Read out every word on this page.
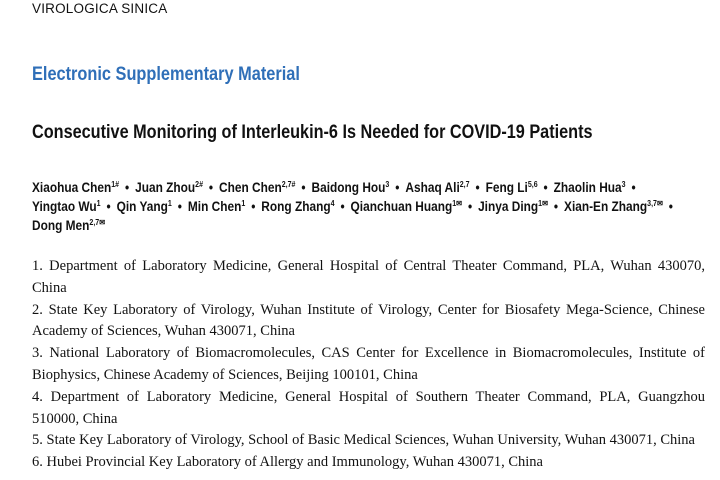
VIROLOGICA SINICA
Electronic Supplementary Material
Consecutive Monitoring of Interleukin-6 Is Needed for COVID-19 Patients
Xiaohua Chen$^{1\#}$ • Juan Zhou$^{2\#}$ • Chen Chen$^{2,7\#}$ • Baidong Hou$^3$ • Ashaq Ali$^{2,7}$ • Feng Li$^{5,6}$ • Zhaolin Hua$^3$ •
Yingtao Wu$^1$ • Qin Yang$^1$ • Min Chen$^1$ • Rong Zhang$^4$ • Qianchuan Huang$^{1✉}$ • Jinya Ding$^{1✉}$ • Xian-En Zhang$^{3,7✉}$ •
Dong Men$^{2,7✉}$

1. Department of Laboratory Medicine, General Hospital of Central Theater Command, PLA, Wuhan 430070, China

2. State Key Laboratory of Virology, Wuhan Institute of Virology, Center for Biosafety Mega-Science, Chinese Academy of Sciences, Wuhan 430071, China

3. National Laboratory of Biomacromolecules, CAS Center for Excellence in Biomacromolecules, Institute of Biophysics, Chinese Academy of Sciences, Beijing 100101, China

4. Department of Laboratory Medicine, General Hospital of Southern Theater Command, PLA, Guangzhou 510000, China

5. State Key Laboratory of Virology, School of Basic Medical Sciences, Wuhan University, Wuhan 430071, China

6. Hubei Provincial Key Laboratory of Allergy and Immunology, Wuhan 430071, China
